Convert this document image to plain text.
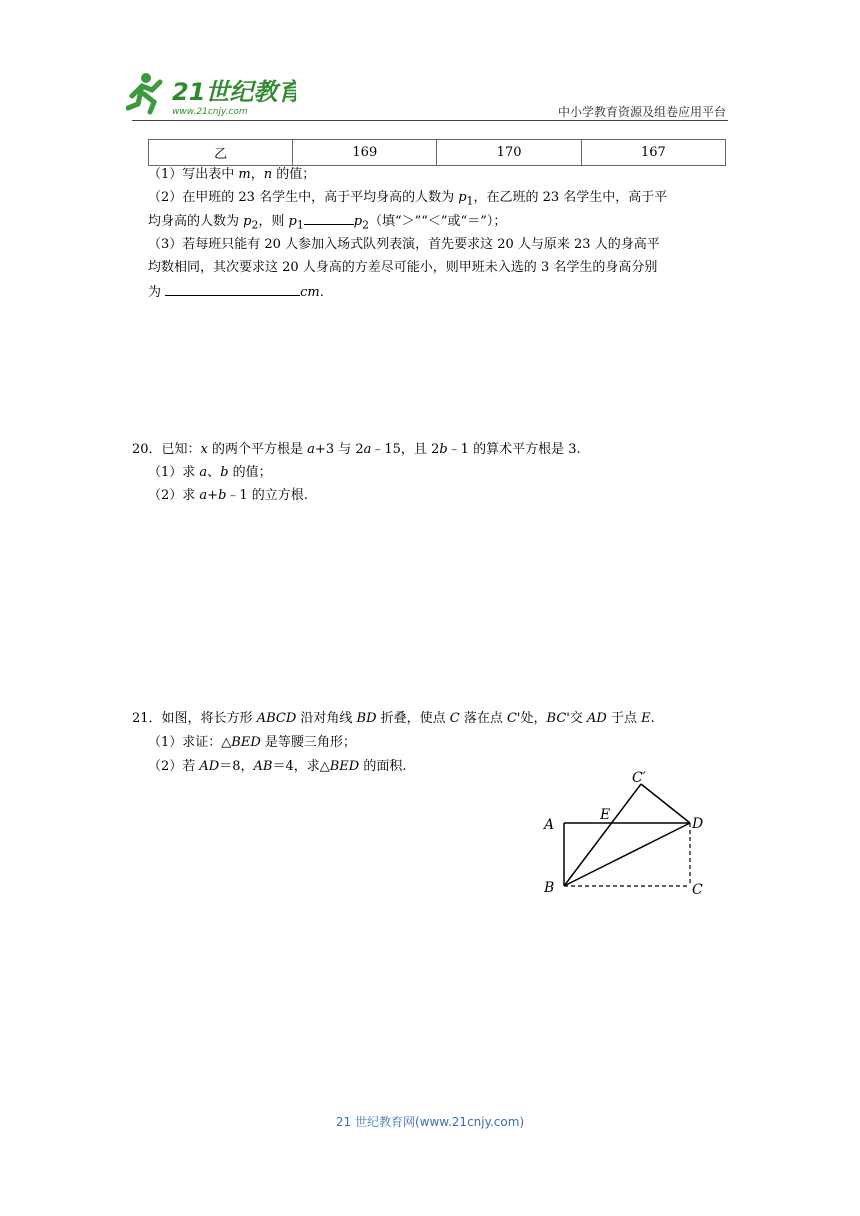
21世纪教育
www.21cnjy.com	中小学教育资源及组卷应用平台
乙	169	170	167
（1）写出表中 m，n 的值；
（2）在甲班的 23 名学生中，高于平均身高的人数为 $p_1$，在乙班的 23 名学生中，高于平
均身高的人数为 $p_2$，则 $p_1$	$p_2$（填“＞”“＜”或“＝”）；
（3）若每班只能有 20 人参加入场式队列表演，首先要求这 20 人与原来 23 人的身高平
均数相同，其次要求这 20 人身高的方差尽可能小，则甲班未入选的 3 名学生的身高分别
为	cm.
20．已知：x 的两个平方根是 a+3 与 2a﹣15，且 2b﹣1 的算术平方根是 3.
（1）求 a、b 的值；
（2）求 a+b﹣1 的立方根.
21．如图，将长方形 ABCD 沿对角线 BD 折叠，使点 C 落在点 C'处，BC'交 AD 于点 E.
（1）求证：△BED 是等腰三角形；
（2）若 AD＝8，AB＝4，求△BED 的面积.
A
B	C
D
E
C′
21 世纪教育网(www.21cnjy.com)
